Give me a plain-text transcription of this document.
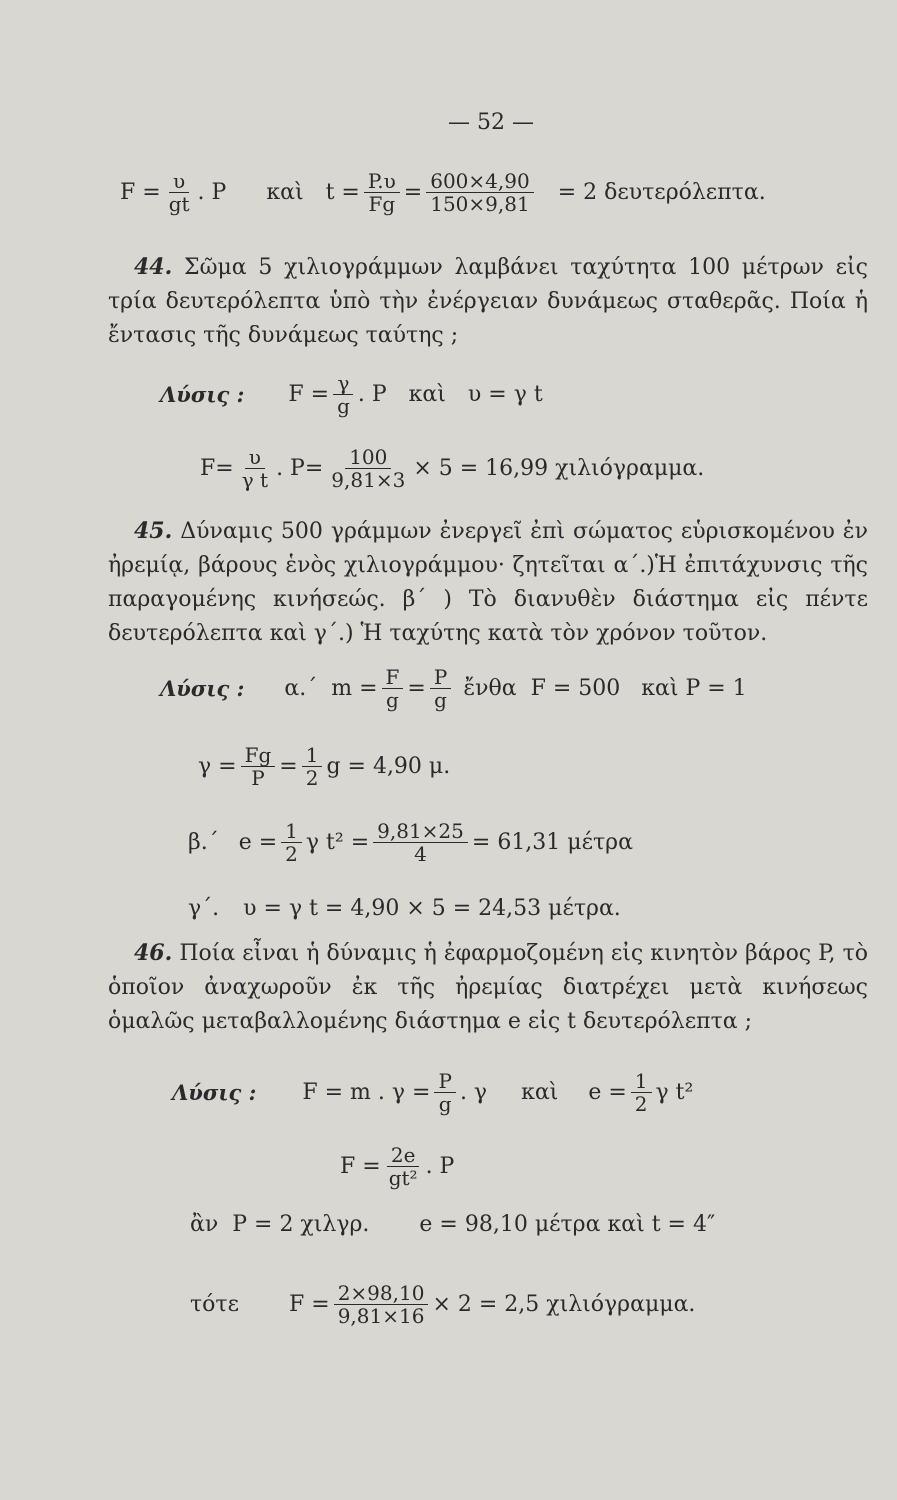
— 52 —
$F = \frac{\upsilon}{gt}$ . P καὶ $t = \frac{P.\upsilon}{Fg} = \frac{600\times 4,90}{150\times 9,81} = 2$ δευτερόλεπτα.
44. Σῶμα 5 χιλιογράμμων λαμβάνει ταχύτητα 100 μέτρων εἰς τρία δευτερόλεπτα ὑπὸ τὴν ἐνέργειαν δυνάμεως σταθερᾶς. Ποία ἡ ἔντασις τῆς δυνάμεως ταύτης ;
Λύσις : $F = \frac{\gamma}{g}$ . P καὶ υ = γ t
$F= \frac{\upsilon}{\text{γ t}}$ . $P= \frac{100}{9,81\times 3} \times 5 = 16,99$ χιλιόγραμμα.
45. Δύναμις 500 γράμμων ἐνεργεῖ ἐπὶ σώματος εὑρισκομένου ἐν ἠρεμίᾳ, βάρους ἑνὸς χιλιογράμμου· ζητεῖται α΄.)Ἡ ἐπιτάχυνσις τῆς παραγομένης κινήσεώς. β΄ ) Τὸ διανυθὲν διάστημα εἰς πέντε δευτερόλεπτα καὶ γ΄.) Ἡ ταχύτης κατὰ τὸν χρόνον τοῦτον.
Λύσις : α.΄ $m = \frac{F}{g} = \frac{P}{g}$ ἔνθα  F = 500   καὶ P = 1
$\gamma = \frac{Fg}{P} = \frac{1}{2}$ g = 4,90 μ.
β.΄ $e = \frac{1}{2}$ γ $t^2 = \frac{9,81\times 25}{4} = 61,31$ μέτρα
γ΄. υ = γ t = 4,90 × 5 = 24,53 μέτρα.
46. Ποία εἶναι ἡ δύναμις ἡ ἐφαρμοζομένη εἰς κινητὸν βάρος P, τὸ ὁποῖον ἀναχωροῦν ἐκ τῆς ἠρεμίας διατρέχει μετὰ κινήσεως ὁμαλῶς μεταβαλλομένης διάστημα e εἰς t δευτερόλεπτα ;
Λύσις : F = m . $\gamma = \frac{P}{g}$ . γ καὶ $e = \frac{1}{2}$ γ t²
$F = \frac{2e}{\text{gt²}}$ . P
ἂν  P = 2 χιλγρ. e = 98,10 μέτρα καὶ t = 4″
τότε $F = \frac{2\times 98,10}{9,81\times 16} \times 2 = 2,5$ χιλιόγραμμα.
